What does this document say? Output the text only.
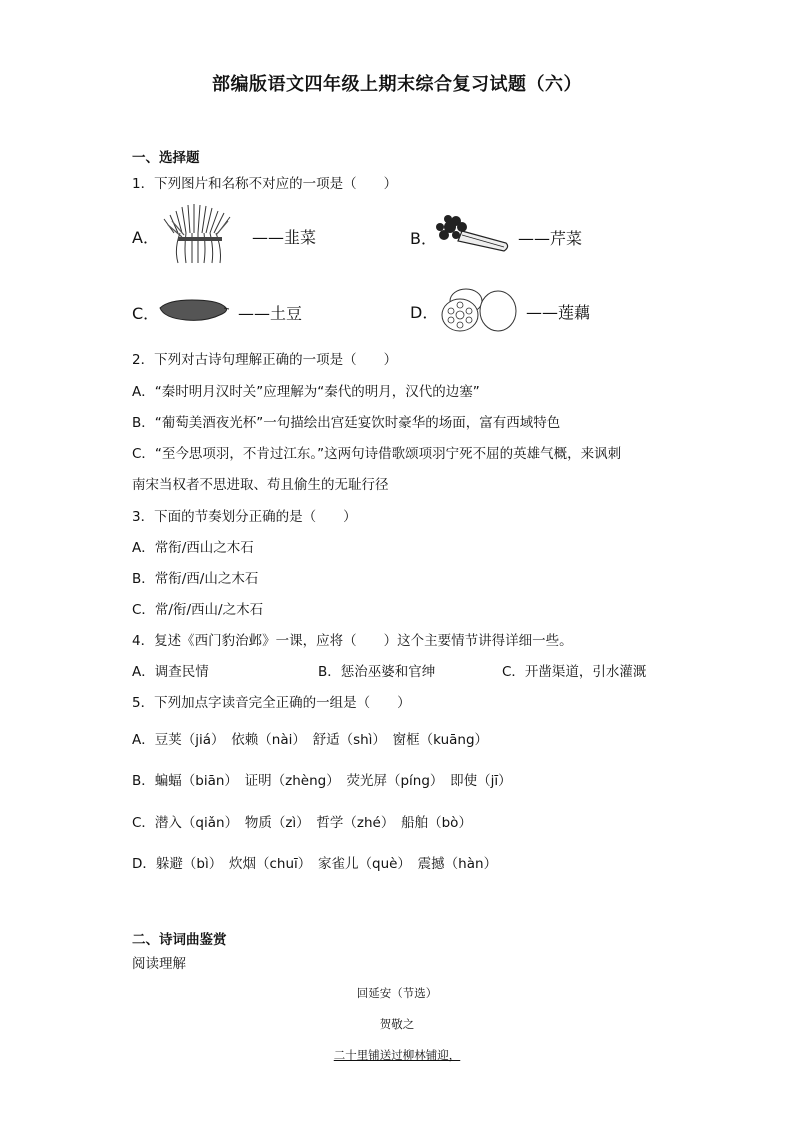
部编版语文四年级上期末综合复习试题（六）
一、选择题
1．下列图片和名称不对应的一项是（　　）
A．	——韭菜	B．	——芹菜
C．	——土豆	D．	——莲藕
2．下列对古诗句理解正确的一项是（　　）
A．“秦时明月汉时关”应理解为“秦代的明月，汉代的边塞”
B．“葡萄美酒夜光杯”一句描绘出宫廷宴饮时豪华的场面，富有西域特色
C．“至今思项羽，不肯过江东。”这两句诗借歌颂项羽宁死不屈的英雄气概，来讽刺
南宋当权者不思进取、苟且偷生的无耻行径
3．下面的节奏划分正确的是（　　）
A．常衔/西山之木石
B．常衔/西/山之木石
C．常/衔/西山/之木石
4．复述《西门豹治邺》一课，应将（　　）这个主要情节讲得详细一些。
A．调查民情	B．惩治巫婆和官绅	C．开凿渠道，引水灌溉
5．下列加点字读音完全正确的一组是（　　）
A．豆荚（jiá）　依赖（nài）　舒适（shì）　窗框（kuāng）
B．蝙蝠（biān）　证明（zhèng）　荧光屏（píng）　即使（jī）
C．潜入（qiǎn）　物质（zì）　哲学（zhé）　船舶（bò）
D．躲避（bì）　炊烟（chuī）　家雀儿（què）　震撼（hàn）
二、诗词曲鉴赏
阅读理解
回延安（节选）
贺敬之
二十里铺送过柳林铺迎，
